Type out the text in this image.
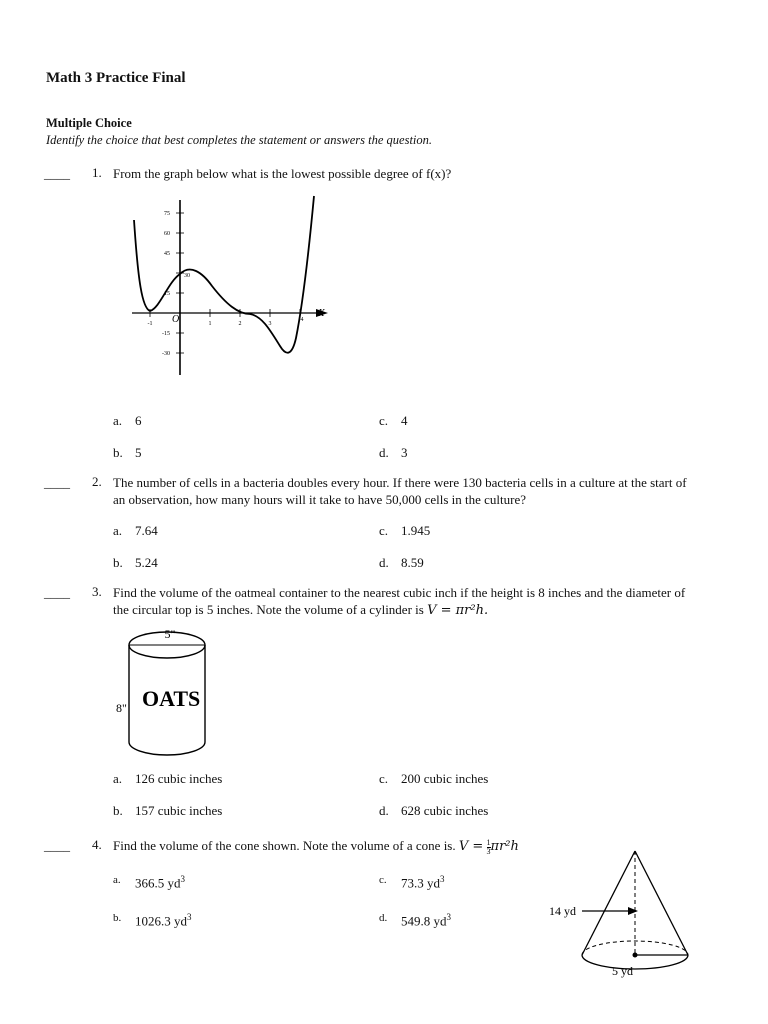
Math 3 Practice Final
Multiple Choice
Identify the choice that best completes the statement or answers the question.
____ 1. From the graph below what is the lowest possible degree of f(x)?
75
60
45
30
15
-15
-30
-1	1	2	3
4
O
X
a. 6	c. 4
b. 5	d. 3
____ 2. The number of cells in a bacteria doubles every hour. If there were 130 bacteria cells in a culture at the start of
an observation, how many hours will it take to have 50,000 cells in the culture?
a. 7.64	c. 1.945
b. 5.24	d. 8.59
____ 3. Find the volume of the oatmeal container to the nearest cubic inch if the height is 8 inches and the diameter of
the circular top is 5 inches. Note the volume of a cylinder is V = πr²h.
5"
8" OATS
a. 126 cubic inches	c. 200 cubic inches
b. 157 cubic inches	d. 628 cubic inches
____ 4. Find the volume of the cone shown. Note the volume of a cone is. $V = \frac{1}{3} \pi r^2h$
a. 366.5 $yd^3$	c. 73.3 $yd^3$
b. 1026.3 $yd^3$	d. 549.8 $yd^3$	14 yd
5 yd
